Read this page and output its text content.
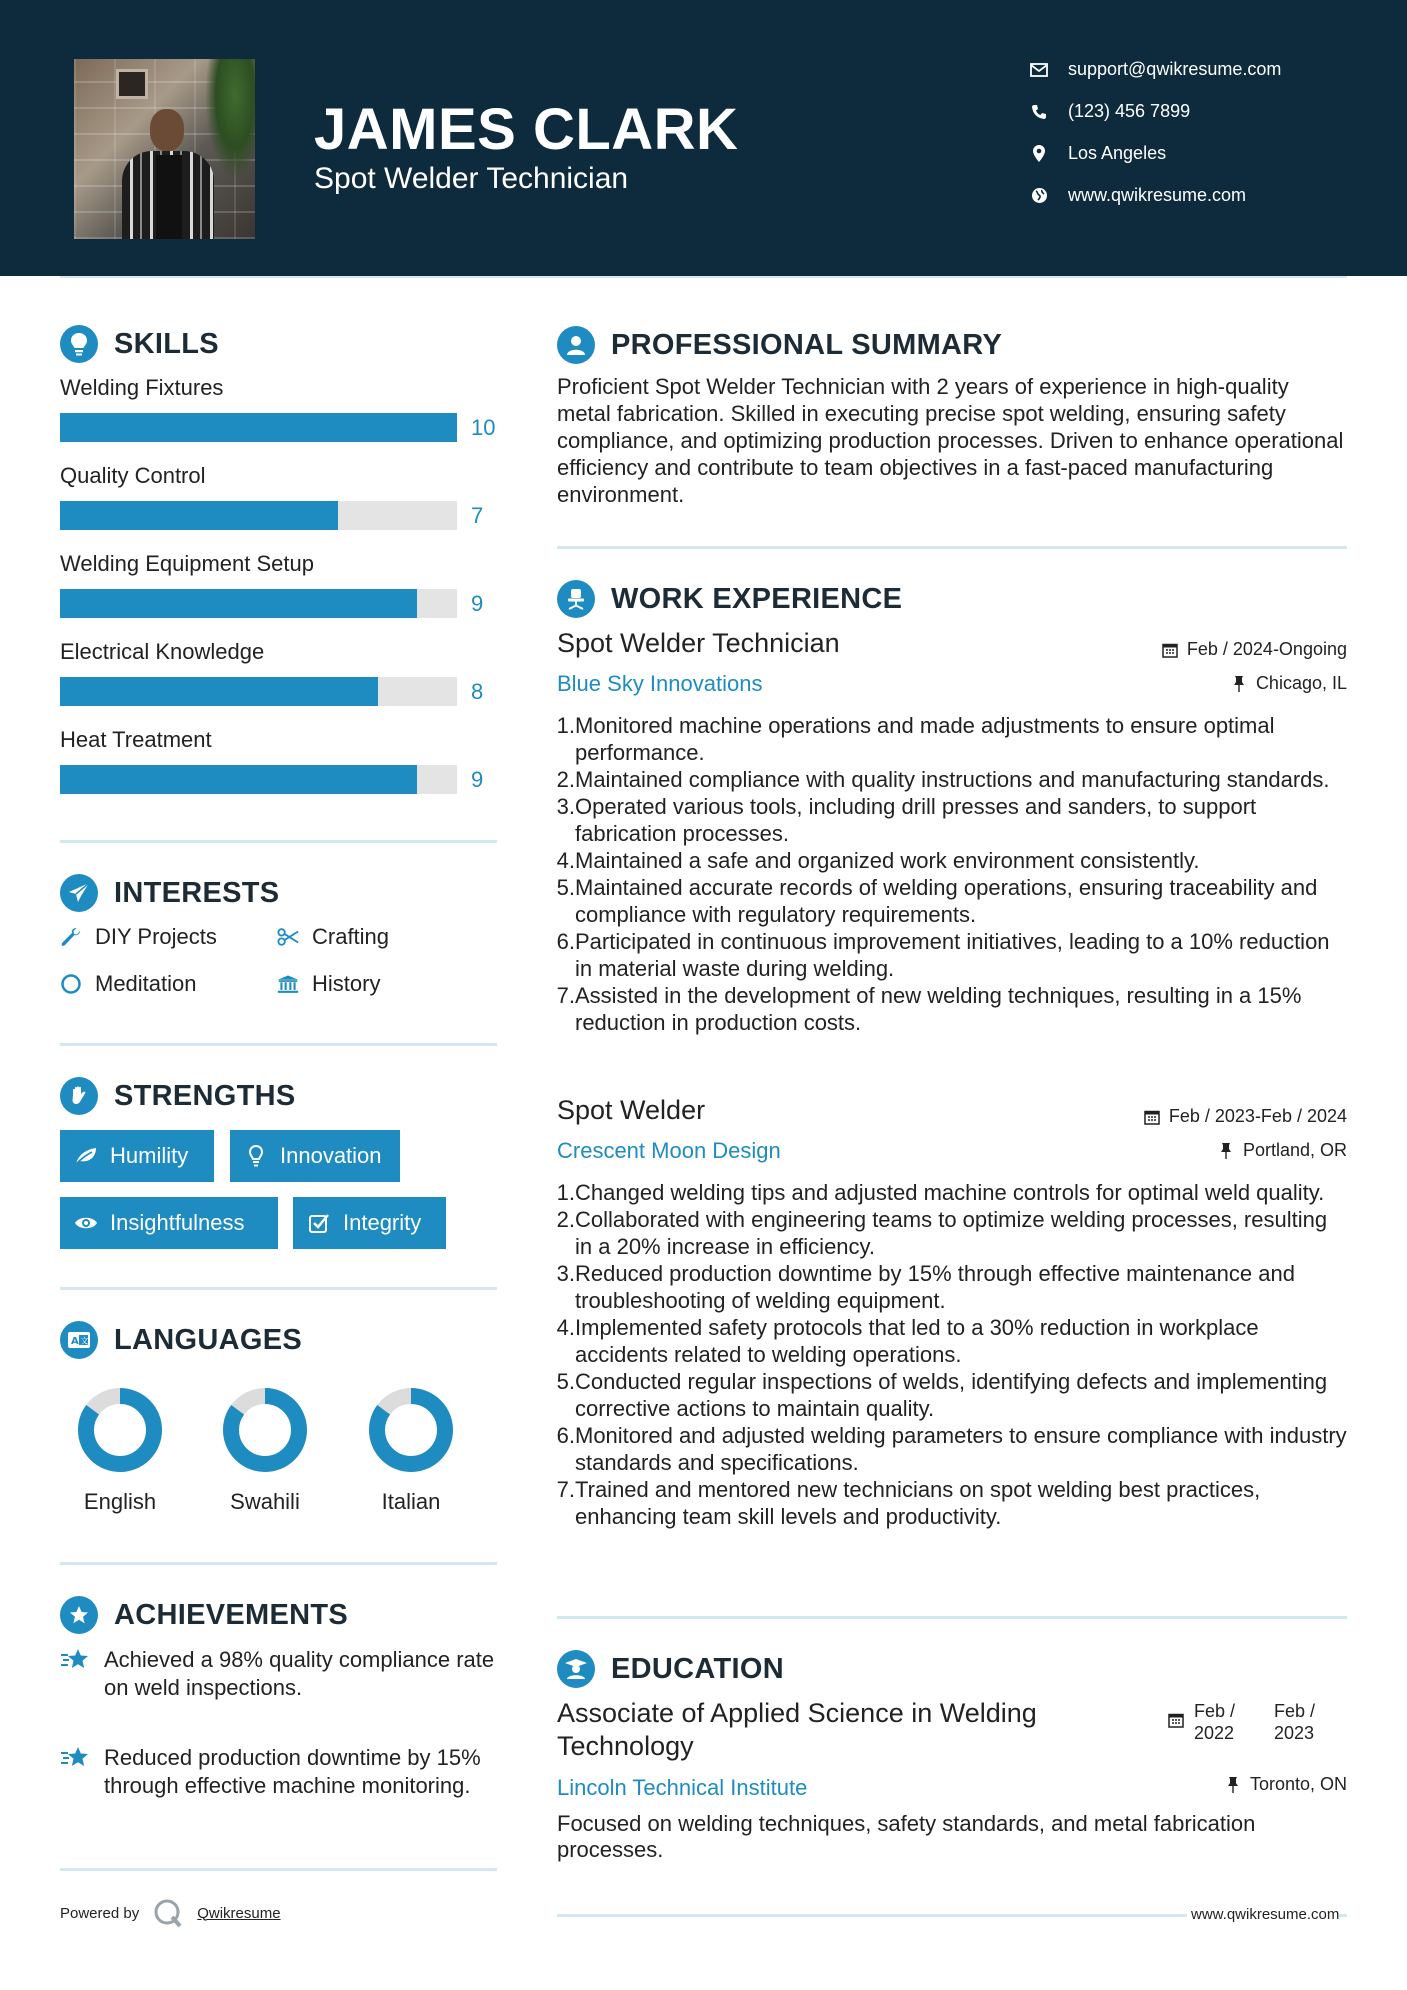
JAMES CLARK
Spot Welder Technician
support@qwikresume.com
(123) 456 7899
Los Angeles
www.qwikresume.com
SKILLS
Welding Fixtures
10
Quality Control
7
Welding Equipment Setup
9
Electrical Knowledge
8
Heat Treatment
9
INTERESTS
DIY Projects	Crafting
Meditation	History
STRENGTHS
Humility	Innovation
Insightfulness	Integrity
A 文 LANGUAGES
English	Swahili	Italian
ACHIEVEMENTS
Achieved a 98% quality compliance rate on weld inspections.
Reduced production downtime by 15% through effective machine monitoring.
Powered by	Qwikresume
PROFESSIONAL SUMMARY
Proficient Spot Welder Technician with 2 years of experience in high-quality metal fabrication. Skilled in executing precise spot welding, ensuring safety compliance, and optimizing production processes. Driven to enhance operational efficiency and contribute to team objectives in a fast-paced manufacturing environment.
WORK EXPERIENCE
Spot Welder Technician	Feb / 2024-Ongoing
Blue Sky Innovations	Chicago, IL
1. Monitored machine operations and made adjustments to ensure optimal performance.
2. Maintained compliance with quality instructions and manufacturing standards.
3. Operated various tools, including drill presses and sanders, to support fabrication processes.
4. Maintained a safe and organized work environment consistently.
5. Maintained accurate records of welding operations, ensuring traceability and compliance with regulatory requirements.
6. Participated in continuous improvement initiatives, leading to a 10% reduction in material waste during welding.
7. Assisted in the development of new welding techniques, resulting in a 15% reduction in production costs.
Spot Welder	Feb / 2023-Feb / 2024
Crescent Moon Design	Portland, OR
1. Changed welding tips and adjusted machine controls for optimal weld quality.
2. Collaborated with engineering teams to optimize welding processes, resulting in a 20% increase in efficiency.
3. Reduced production downtime by 15% through effective maintenance and troubleshooting of welding equipment.
4. Implemented safety protocols that led to a 30% reduction in workplace accidents related to welding operations.
5. Conducted regular inspections of welds, identifying defects and implementing corrective actions to maintain quality.
6. Monitored and adjusted welding parameters to ensure compliance with industry standards and specifications.
7. Trained and mentored new technicians on spot welding best practices, enhancing team skill levels and productivity.
EDUCATION
Associate of Applied Science in Welding Technology
Feb / 2022
Feb / 2023
Lincoln Technical Institute	Toronto, ON
Focused on welding techniques, safety standards, and metal fabrication processes.
www.qwikresume.com
